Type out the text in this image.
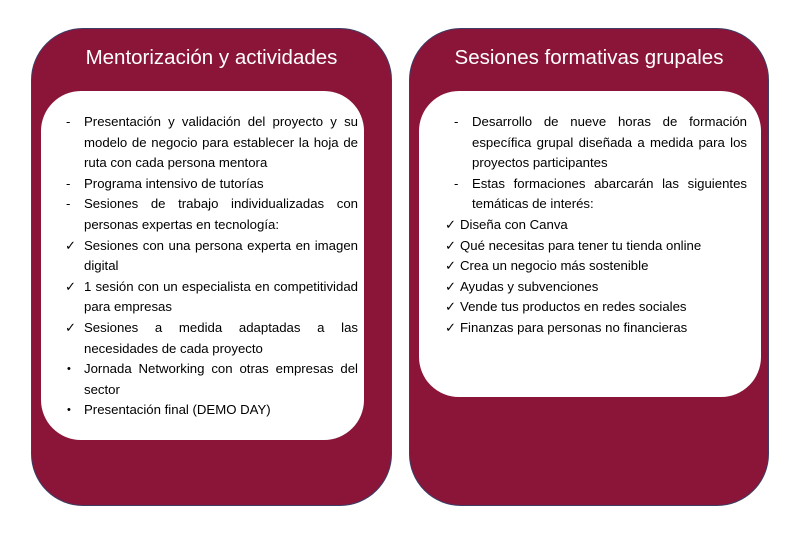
Mentorización y actividades
- Presentación y validación del proyecto y su modelo de negocio para establecer la hoja de ruta con cada persona mentora
- Programa intensivo de tutorías
- Sesiones de trabajo individualizadas con personas expertas en tecnología:
✓ Sesiones con una persona experta en imagen digital
✓ 1 sesión con un especialista en competitividad para empresas
✓ Sesiones a medida adaptadas a las necesidades de cada proyecto
• Jornada Networking con otras empresas del sector
• Presentación final (DEMO DAY)
Sesiones formativas grupales
- Desarrollo de nueve horas de formación específica grupal diseñada a medida para los proyectos participantes
- Estas formaciones abarcarán las siguientes temáticas de interés:
✓ Diseña con Canva
✓ Qué necesitas para tener tu tienda online
✓ Crea un negocio más sostenible
✓ Ayudas y subvenciones
✓ Vende tus productos en redes sociales
✓ Finanzas para personas no financieras
